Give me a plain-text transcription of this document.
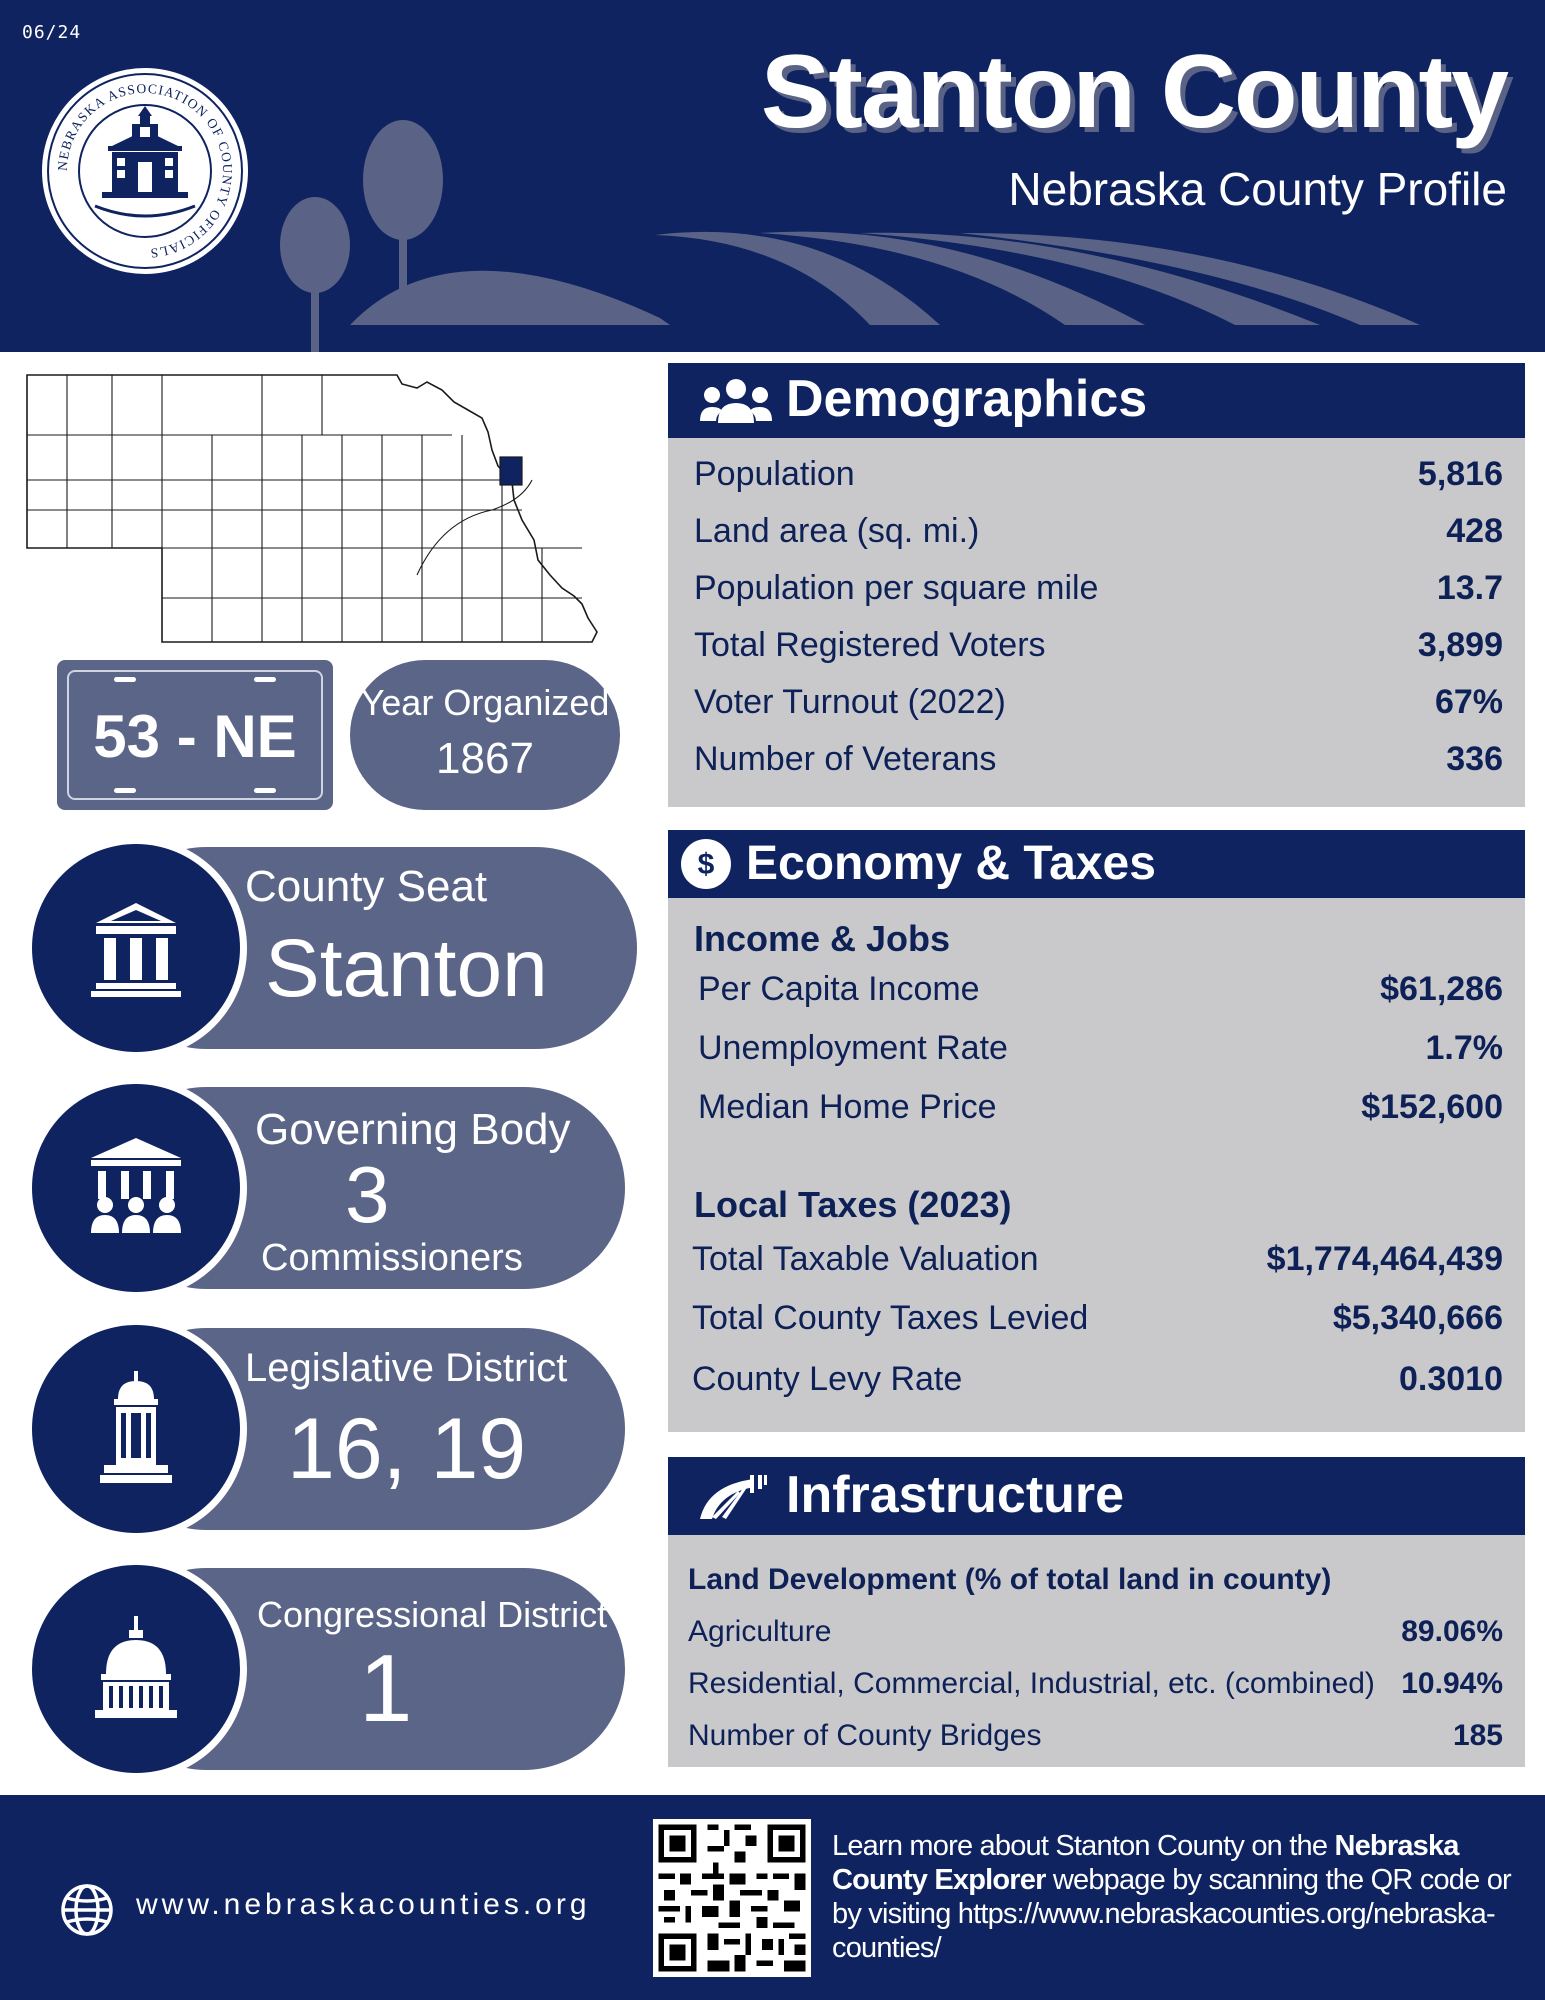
06/24
NEBRASKA ASSOCIATION OF COUNTY OFFICIALS
Stanton County
Nebraska County Profile
53 - NE
Year Organized
1867
County Seat
Stanton
Governing Body
3
Commissioners
Legislative District
16, 19
Congressional District
1
Demographics
Population	5,816
Land area (sq. mi.)	428
Population per square mile	13.7
Total Registered Voters	3,899
Voter Turnout (2022)	67%
Number of Veterans	336
$ Economy & Taxes
Income & Jobs
Per Capita Income	$61,286
Unemployment Rate	1.7%
Median Home Price	$152,600
Local Taxes (2023)
Total Taxable Valuation	$1,774,464,439
Total County Taxes Levied	$5,340,666
County Levy Rate	0.3010
Infrastructure
Land Development (% of total land in county)
Agriculture	89.06%
Residential, Commercial, Industrial, etc. (combined) 10.94%
Number of County Bridges	185
www.nebraskacounties.org
Learn more about Stanton County on the Nebraska County Explorer webpage by scanning the QR code or by visiting https://www.nebraskacounties.org/nebraska-counties/
